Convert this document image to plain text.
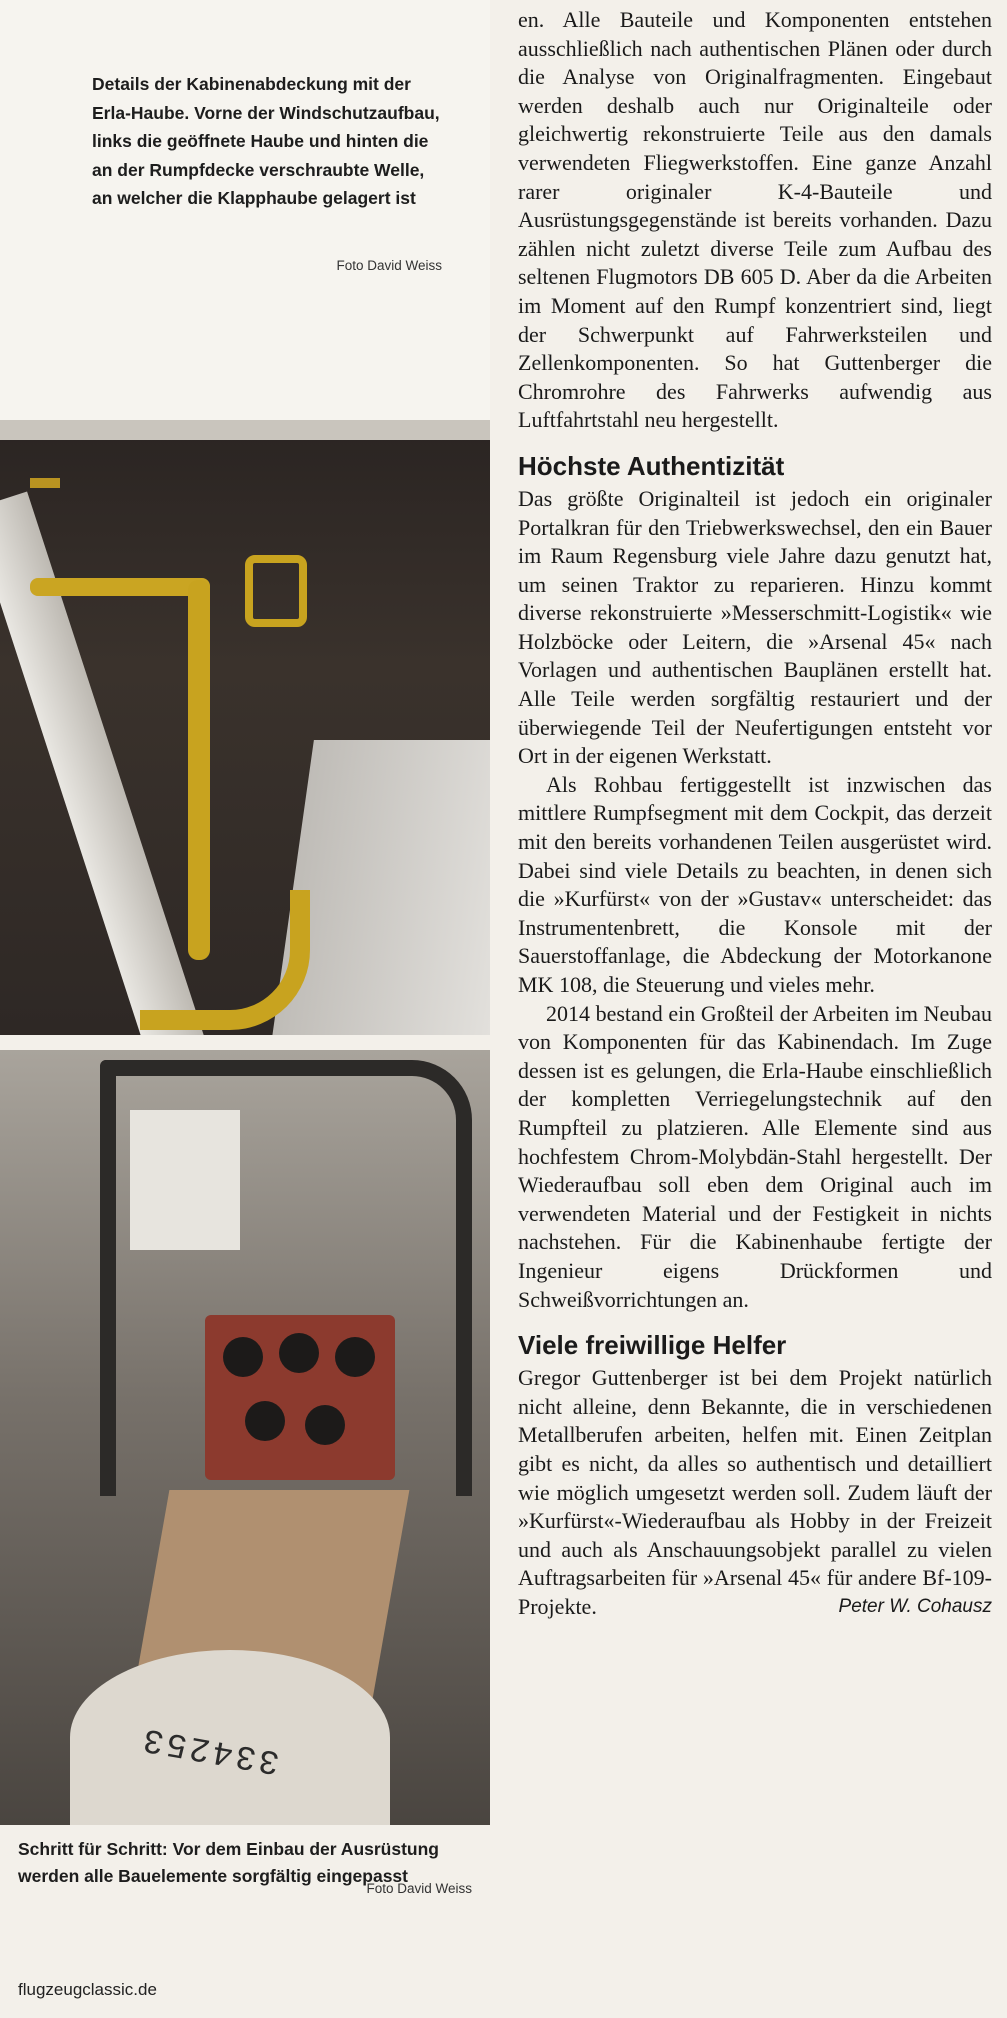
Details der Kabinenabdeckung mit der Erla-Haube. Vorne der Windschutzaufbau, links die geöffnete Haube und hinten die an der Rumpfdecke verschraubte Welle, an welcher die Klapphaube gelagert ist
Foto David Weiss
334253
Schritt für Schritt: Vor dem Einbau der Ausrüstung werden alle Bauelemente sorgfältig eingepasst
Foto David Weiss
flugzeugclassic.de

en. Alle Bauteile und Komponenten entstehen ausschließlich nach authentischen Plänen oder durch die Analyse von Originalfragmenten. Eingebaut werden deshalb auch nur Originalteile oder gleichwertig rekonstruierte Teile aus den damals verwendeten Fliegwerkstoffen. Eine ganze Anzahl rarer originaler K-4-Bauteile und Ausrüstungsgegenstände ist bereits vorhanden. Dazu zählen nicht zuletzt diverse Teile zum Aufbau des seltenen Flugmotors DB 605 D. Aber da die Arbeiten im Moment auf den Rumpf konzentriert sind, liegt der Schwerpunkt auf Fahrwerksteilen und Zellenkomponenten. So hat Guttenberger die Chromrohre des Fahrwerks aufwendig aus Luftfahrtstahl neu hergestellt.

Höchste Authentizität

Das größte Originalteil ist jedoch ein originaler Portalkran für den Triebwerkswechsel, den ein Bauer im Raum Regensburg viele Jahre dazu genutzt hat, um seinen Traktor zu reparieren. Hinzu kommt diverse rekonstruierte »Messerschmitt-Logistik« wie Holzböcke oder Leitern, die »Arsenal 45« nach Vorlagen und authentischen Bauplänen erstellt hat. Alle Teile werden sorgfältig restauriert und der überwiegende Teil der Neufertigungen entsteht vor Ort in der eigenen Werkstatt.

Als Rohbau fertiggestellt ist inzwischen das mittlere Rumpfsegment mit dem Cockpit, das derzeit mit den bereits vorhandenen Teilen ausgerüstet wird. Dabei sind viele Details zu beachten, in denen sich die »Kurfürst« von der »Gustav« unterscheidet: das Instrumentenbrett, die Konsole mit der Sauerstoffanlage, die Abdeckung der Motorkanone MK 108, die Steuerung und vieles mehr.

2014 bestand ein Großteil der Arbeiten im Neubau von Komponenten für das Kabinendach. Im Zuge dessen ist es gelungen, die Erla-Haube einschließlich der kompletten Verriegelungstechnik auf den Rumpfteil zu platzieren. Alle Elemente sind aus hochfestem Chrom-Molybdän-Stahl hergestellt. Der Wiederaufbau soll eben dem Original auch im verwendeten Material und der Festigkeit in nichts nachstehen. Für die Kabinenhaube fertigte der Ingenieur eigens Drückformen und Schweißvorrichtungen an.

Viele freiwillige Helfer

Gregor Guttenberger ist bei dem Projekt natürlich nicht alleine, denn Bekannte, die in verschiedenen Metallberufen arbeiten, helfen mit. Einen Zeitplan gibt es nicht, da alles so authentisch und detailliert wie möglich umgesetzt werden soll. Zudem läuft der »Kurfürst«-Wiederaufbau als Hobby in der Freizeit und auch als Anschauungsobjekt parallel zu vielen Auftragsarbeiten für »Arsenal 45« für andere Bf-109-Projekte.	Peter W. Cohausz
